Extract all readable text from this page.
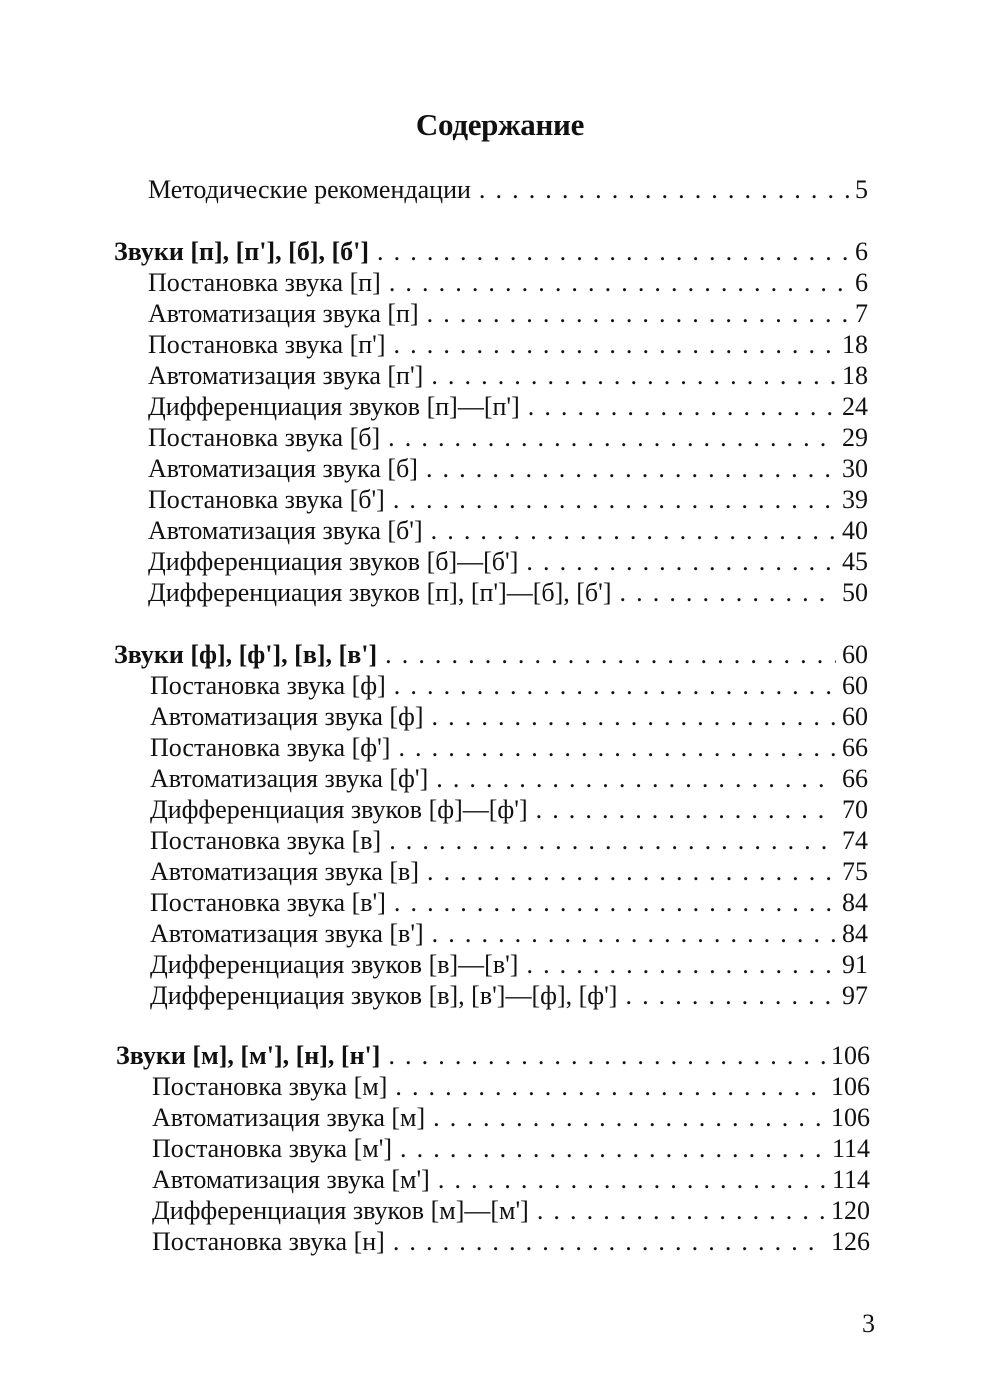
Содержание
Методические рекомендации . . .	5
Звуки [п], [п'], [б], [б'] . . .	6
Постановка звука [п] . . .	6
Автоматизация звука [п] . . .	7
Постановка звука [п'] . . .	18
Автоматизация звука [п'] . . .	18
Дифференциация звуков [п]—[п'] . . .	24
Постановка звука [б] . . .	29
Автоматизация звука [б] . . .	30
Постановка звука [б'] . . .	39
Автоматизация звука [б'] . . .	40
Дифференциация звуков [б]—[б'] . . .	45
Дифференциация звуков [п], [п']—[б], [б'] . . .	50
Звуки [ф], [ф'], [в], [в'] . . .	60
Постановка звука [ф] . . .	60
Автоматизация звука [ф] . . .	60
Постановка звука [ф'] . . .	66
Автоматизация звука [ф'] . . .	66
Дифференциация звуков [ф]—[ф'] . . .	70
Постановка звука [в] . . .	74
Автоматизация звука [в] . . .	75
Постановка звука [в'] . . .	84
Автоматизация звука [в'] . . .	84
Дифференциация звуков [в]—[в'] . . .	91
Дифференциация звуков [в], [в']—[ф], [ф'] . . .	97
Звуки [м], [м'], [н], [н'] . . .	106
Постановка звука [м] . . .	106
Автоматизация звука [м] . . .	106
Постановка звука [м'] . . .	114
Автоматизация звука [м'] . . .	114
Дифференциация звуков [м]—[м'] . . .	120
Постановка звука [н] . . .	126
3
